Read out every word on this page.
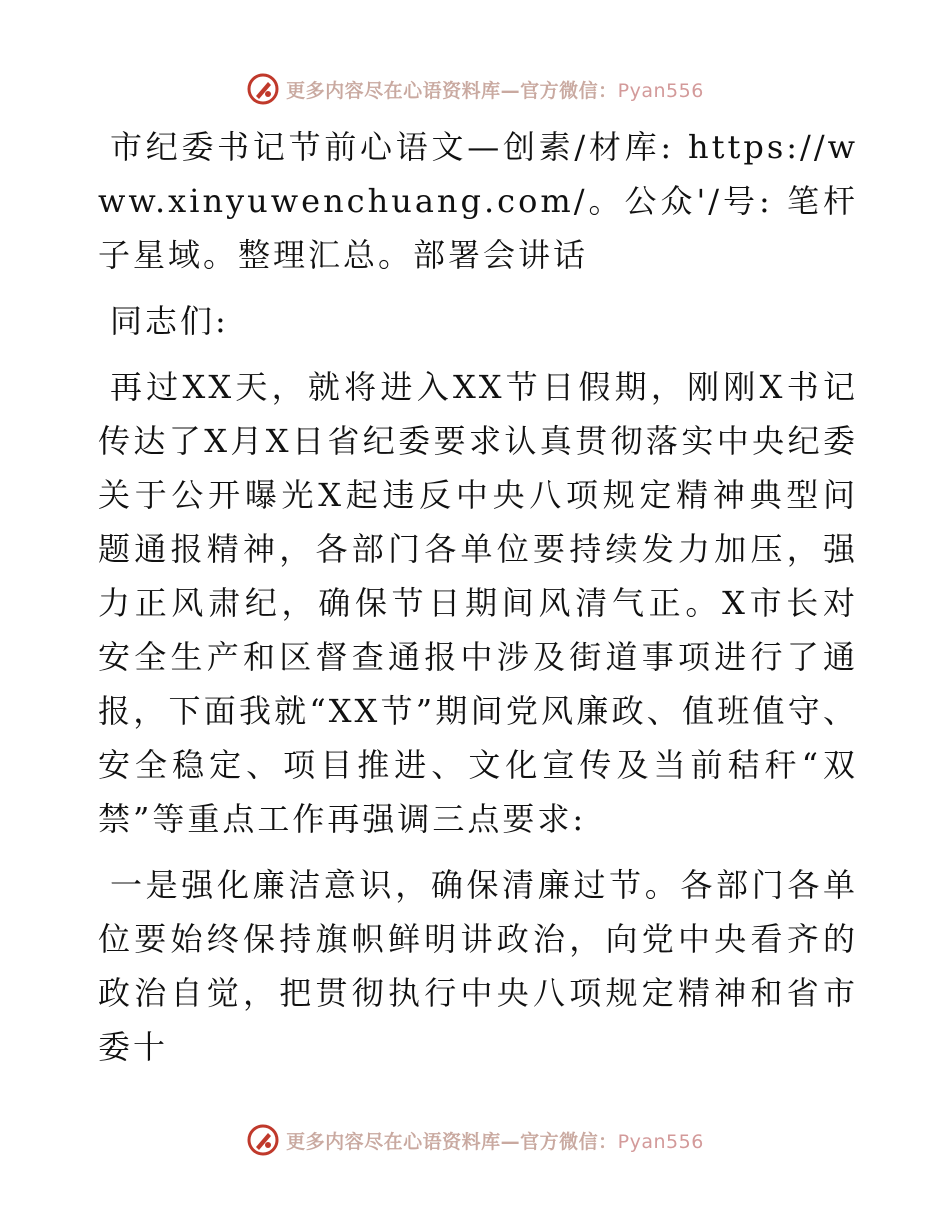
更多内容尽在心语资料库—官方微信：Pyan556

市纪委书记节前心语文—创素/材库: https://www.xinyuwenchuang.com/。公众'/号: 笔杆子星域。整理汇总。部署会讲话

同志们:

再过XX天，就将进入XX节日假期，刚刚X书记传达了X月X日省纪委要求认真贯彻落实中央纪委关于公开曝光X起违反中央八项规定精神典型问题通报精神，各部门各单位要持续发力加压，强力正风肃纪，确保节日期间风清气正。X市长对安全生产和区督查通报中涉及街道事项进行了通报，下面我就“XX节”期间党风廉政、值班值守、安全稳定、项目推进、文化宣传及当前秸秆“双禁”等重点工作再强调三点要求:

一是强化廉洁意识，确保清廉过节。各部门各单位要始终保持旗帜鲜明讲政治，向党中央看齐的政治自觉，把贯彻执行中央八项规定精神和省市委十

更多内容尽在心语资料库—官方微信：Pyan556
